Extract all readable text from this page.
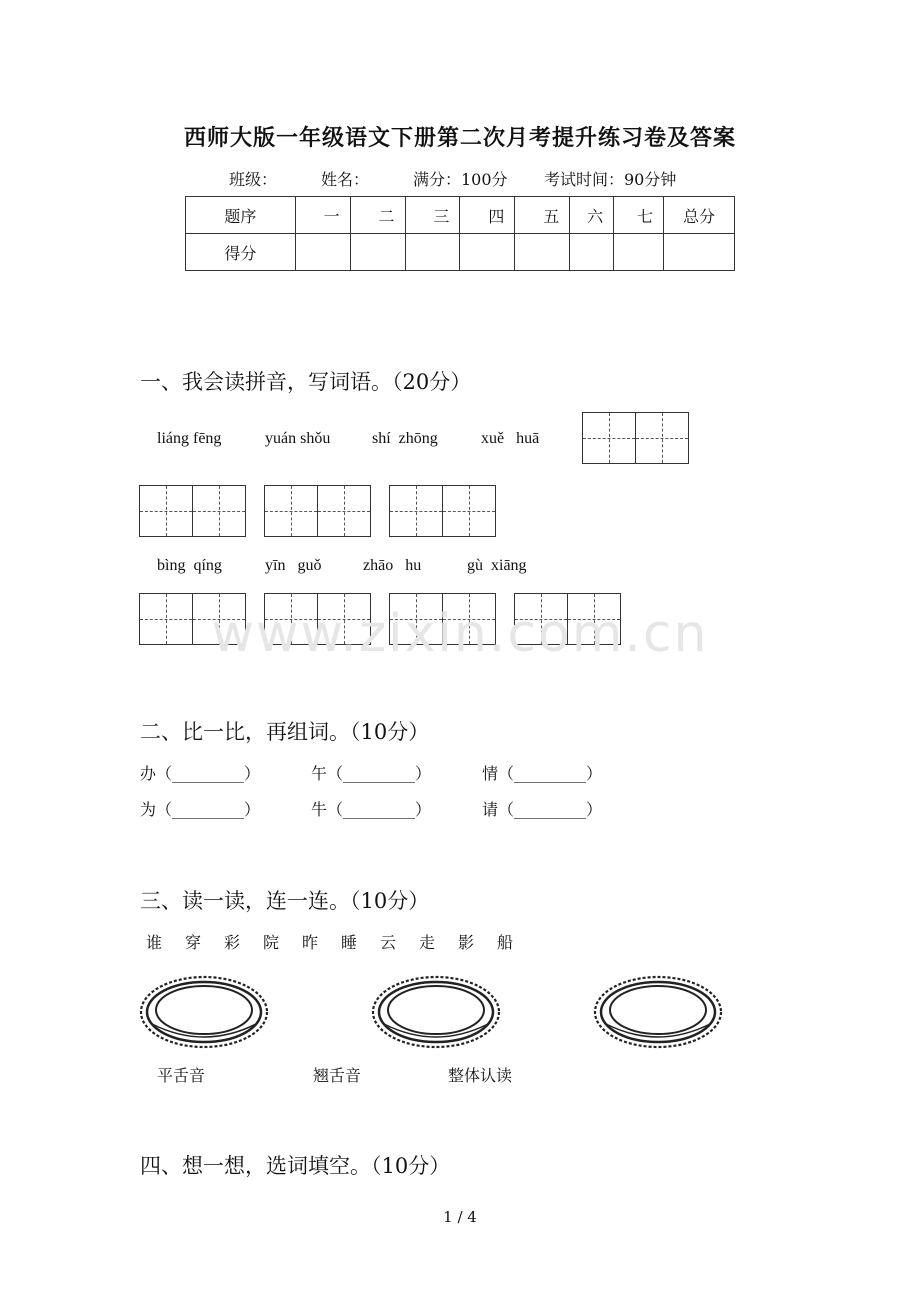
西师大版一年级语文下册第二次月考提升练习卷及答案
班级：	姓名：	满分：100分 考试时间：90分钟
题序	一	二	三	四	五	六	七	总分
得分								
一、我会读拼音，写词语。（20分）
liáng fēng	yuán shǒu	shí  zhōng	xuě   huā
bìng  qíng	yīn   guǒ	zhāo   hu	gù  xiāng
www.zixin.com.cn
二、比一比，再组词。（10分）
办（_________）	午（_________）	情（_________）
为（_________）	牛（_________）	请（_________）
三、读一读，连一连。（10分）
谁 穿 彩 院 昨 睡 云 走 影 船
平舌音	翘舌音	整体认读
四、想一想，选词填空。（10分）
1 / 4
